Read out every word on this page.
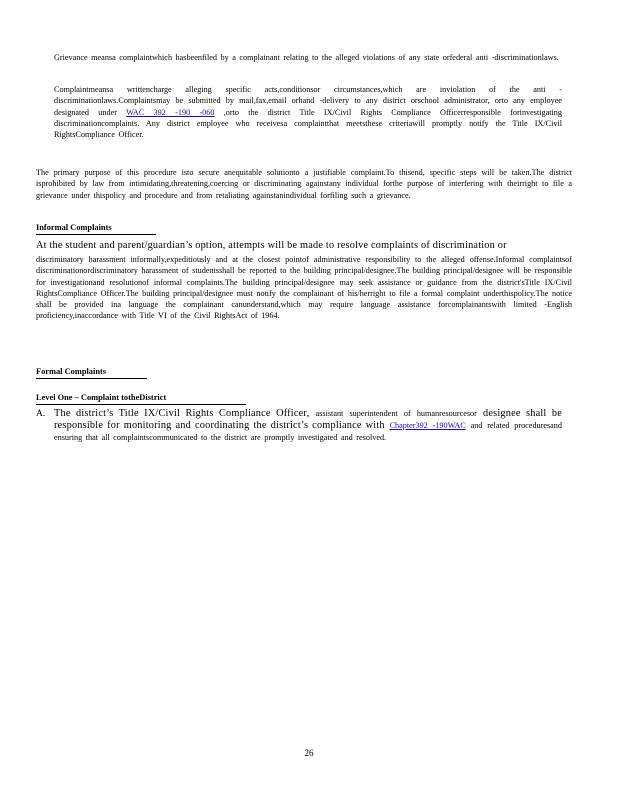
Grievance meansa complaintwhich hasbeenfiled by a complainant relating to the alleged violations of any state orfederal anti -discriminationlaws.
Complaintmeansa writtencharge alleging specific acts,conditionsor circumstances,which are inviolation of the anti -discriminationlaws.Complaintsmay be submitted by mail,fax,email orhand -delivery to any district orschool administrator, orto any employee designated under WAC 392 -190 -060 ,orto the district Title IX/Civil Rights Compliance Officerresponsible forinvestigating discriminationcomplaints. Any district employee who receivesa complaintthat meetsthese criteriawill promptly notify the Title IX/Civil RightsCompliance Officer.
The primary purpose of this procedure isto secure anequitable solutionto a justifiable complaint.To thisend, specific steps will be taken.The district isprohibited by law from intimidating,threatening,coercing or discriminating againstany individual forthe purpose of interfering with theirright to file a grievance under thispolicy and procedure and from retaliating againstanindividual forfiling such a grievance.
Informal Complaints
At the student and parent/guardian’s option, attempts will be made to resolve complaints of discrimination or
discriminatory harassment informally,expeditiously and at the closest pointof administrative responsibility to the alleged offense.Informal complaintsof discriminationordiscriminatory harassment of studentsshall be reported to the building principal/designee.The building principal/designee will be responsible for investigationand resolutionof informal complaints.The building principal/designee may seek assistance or guidance from the district'sTitle IX/Civil RightsCompliance Officer.The building principal/designee must notify the complainant of his/herright to file a formal complaint underthispolicy.The notice shall be provided ina language the complainant canunderstand,which may require language assistance forcomplainantswith limited -English proficiency,inaccordance with Title VI of the Civil RightsAct of 1964.
Formal Complaints
Level One – Complaint totheDistrict
A. The district’s Title IX/Civil Rights Compliance Officer, assistant superintendent of humanresourcesor designee shall be responsible for monitoring and coordinating the district’s compliance with Chapter392 -190WAC and related proceduresand ensuring that all complaintscommunicated to the district are promptly investigated and resolved.
26
